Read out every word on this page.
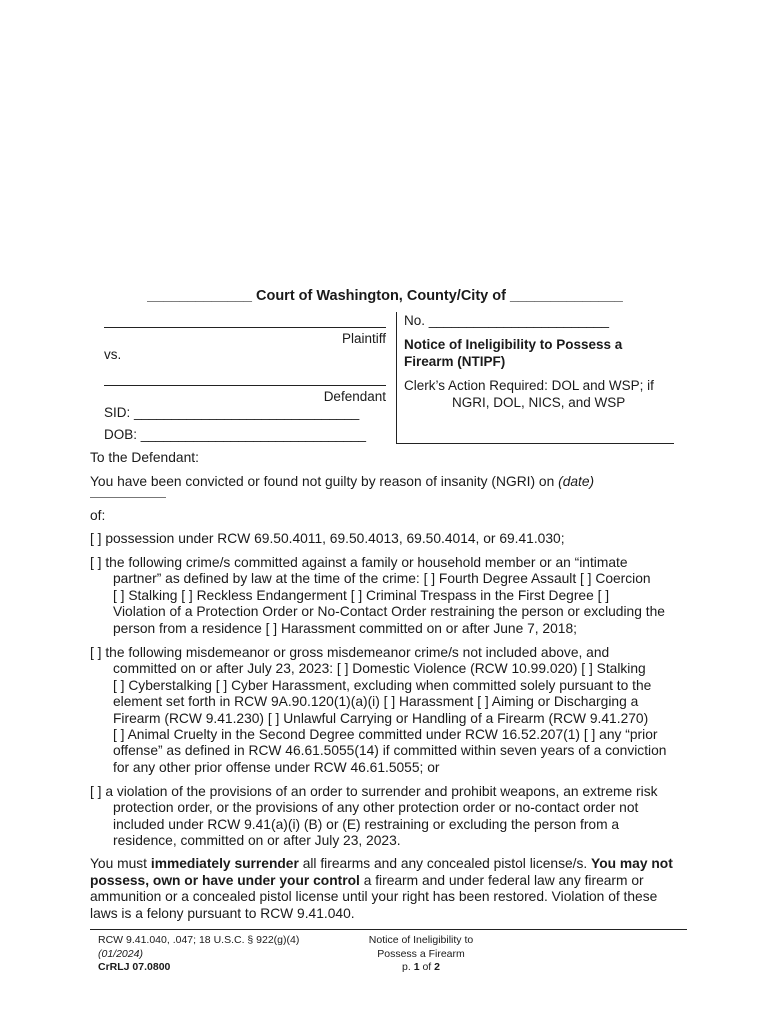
_____________ Court of Washington, County/City of ______________
Plaintiff
vs.
Defendant
SID: ______________________________
DOB: ______________________________
No. ________________________
Notice of Ineligibility to Possess a
Firearm (NTIPF)
Clerk’s Action Required: DOL and WSP; if
NGRI, DOL, NICS, and WSP
To the Defendant:
You have been convicted or found not guilty by reason of insanity (NGRI) on (date)
of:
[ ] possession under RCW 69.50.4011, 69.50.4013, 69.50.4014, or 69.41.030;
[ ] the following crime/s committed against a family or household member or an “intimate
partner” as defined by law at the time of the crime: [ ] Fourth Degree Assault [ ] Coercion
[ ] Stalking [ ] Reckless Endangerment [ ] Criminal Trespass in the First Degree [ ]
Violation of a Protection Order or No-Contact Order restraining the person or excluding the
person from a residence [ ] Harassment committed on or after June 7, 2018;
[ ] the following misdemeanor or gross misdemeanor crime/s not included above, and
committed on or after July 23, 2023: [ ] Domestic Violence (RCW 10.99.020) [ ] Stalking
[ ] Cyberstalking [ ] Cyber Harassment, excluding when committed solely pursuant to the
element set forth in RCW 9A.90.120(1)(a)(i) [ ] Harassment [ ] Aiming or Discharging a
Firearm (RCW 9.41.230) [ ] Unlawful Carrying or Handling of a Firearm (RCW 9.41.270)
[ ] Animal Cruelty in the Second Degree committed under RCW 16.52.207(1) [ ] any “prior
offense” as defined in RCW 46.61.5055(14) if committed within seven years of a conviction
for any other prior offense under RCW 46.61.5055; or
[ ] a violation of the provisions of an order to surrender and prohibit weapons, an extreme risk
protection order, or the provisions of any other protection order or no-contact order not
included under RCW 9.41(a)(i) (B) or (E) restraining or excluding the person from a
residence, committed on or after July 23, 2023.
You must immediately surrender all firearms and any concealed pistol license/s. You may not
possess, own or have under your control a firearm and under federal law any firearm or
ammunition or a concealed pistol license until your right has been restored. Violation of these
laws is a felony pursuant to RCW 9.41.040.
RCW 9.41.040, .047; 18 U.S.C. § 922(g)(4)
(01/2024)
CrRLJ 07.0800
Notice of Ineligibility to
Possess a Firearm
p. 1 of 2
